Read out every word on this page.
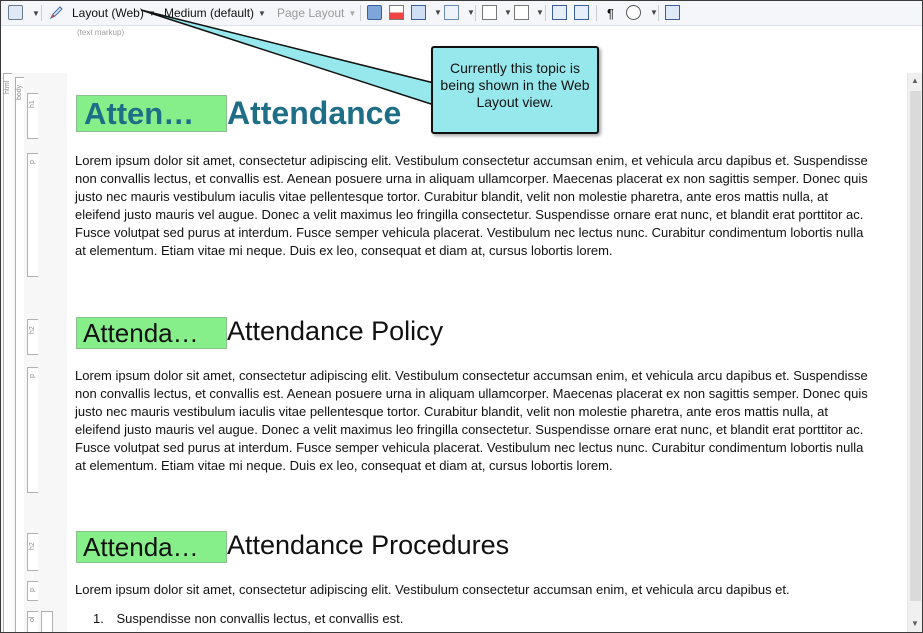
▼	Layout (Web) Medium (default) ▼ Page Layout ▼	▼	▼	▼	▼	¶	▼
(text markup)
html body
h1
p
h2
p
h2
p
ol
Atten…	Attendance

Lorem ipsum dolor sit amet, consectetur adipiscing elit. Vestibulum consectetur accumsan enim, et vehicula arcu dapibus et. Suspendisse non convallis lectus, et convallis est. Aenean posuere urna in aliquam ullamcorper. Maecenas placerat ex non sagittis semper. Donec quis justo nec mauris vestibulum iaculis vitae pellentesque tortor. Curabitur blandit, velit non molestie pharetra, ante eros mattis nulla, at eleifend justo mauris vel augue. Donec a velit maximus leo fringilla consectetur. Suspendisse ornare erat nunc, et blandit erat porttitor ac. Fusce volutpat sed purus at interdum. Fusce semper vehicula placerat. Vestibulum nec lectus nunc. Curabitur condimentum lobortis nulla at elementum. Etiam vitae mi neque. Duis ex leo, consequat et diam at, cursus lobortis lorem.

Attenda…	Attendance Policy

Lorem ipsum dolor sit amet, consectetur adipiscing elit. Vestibulum consectetur accumsan enim, et vehicula arcu dapibus et. Suspendisse non convallis lectus, et convallis est. Aenean posuere urna in aliquam ullamcorper. Maecenas placerat ex non sagittis semper. Donec quis justo nec mauris vestibulum iaculis vitae pellentesque tortor. Curabitur blandit, velit non molestie pharetra, ante eros mattis nulla, at eleifend justo mauris vel augue. Donec a velit maximus leo fringilla consectetur. Suspendisse ornare erat nunc, et blandit erat porttitor ac. Fusce volutpat sed purus at interdum. Fusce semper vehicula placerat. Vestibulum nec lectus nunc. Curabitur condimentum lobortis nulla at elementum. Etiam vitae mi neque. Duis ex leo, consequat et diam at, cursus lobortis lorem.

Attenda…	Attendance Procedures

Lorem ipsum dolor sit amet, consectetur adipiscing elit. Vestibulum consectetur accumsan enim, et vehicula arcu dapibus et.

1. Suspendisse non convallis lectus, et convallis est.
▲
▼
Currently this topic is being shown in the Web Layout view.
